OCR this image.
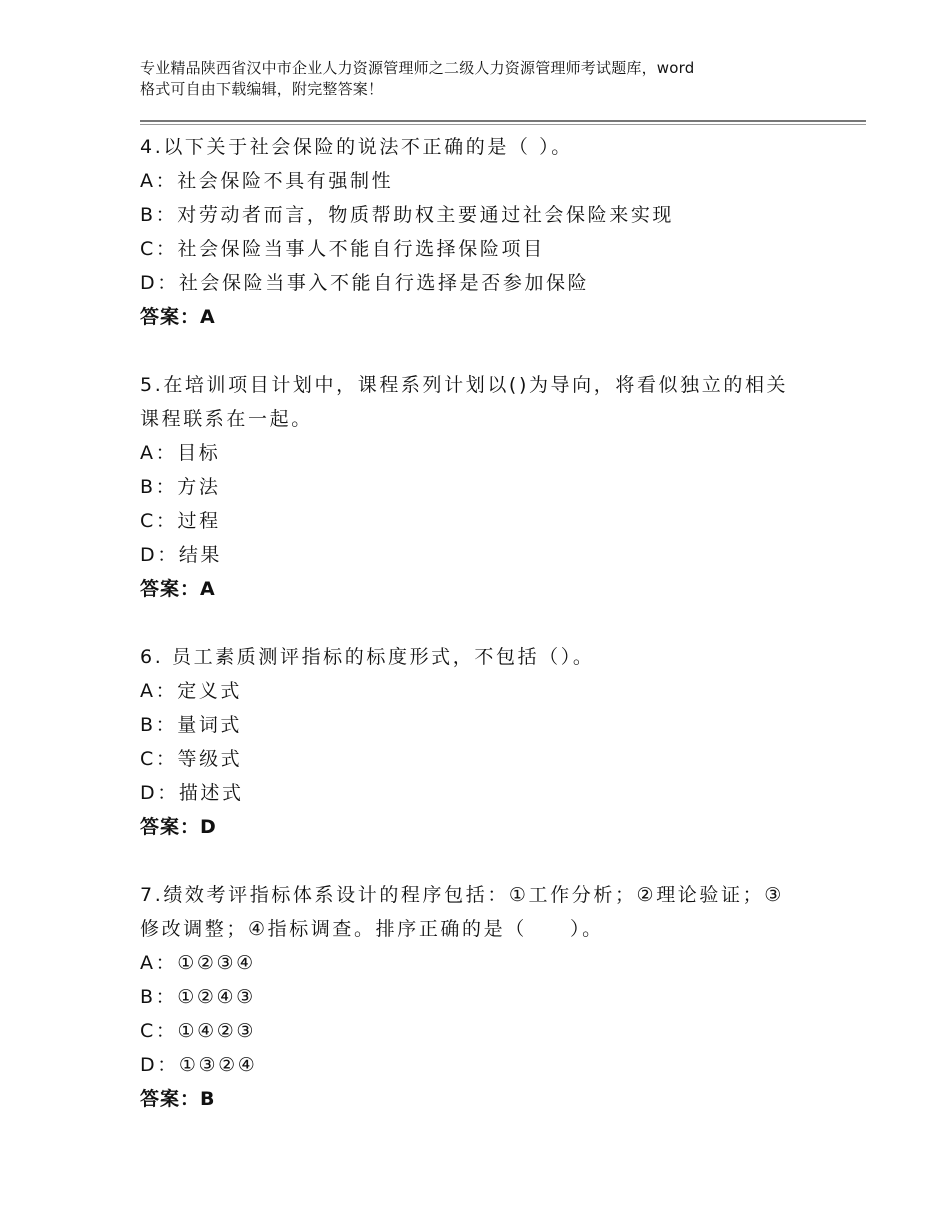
专业精品陕西省汉中市企业人力资源管理师之二级人力资源管理师考试题库，word
格式可自由下载编辑，附完整答案！
4.以下关于社会保险的说法不正确的是（ ）。
A：社会保险不具有强制性
B：对劳动者而言，物质帮助权主要通过社会保险来实现
C：社会保险当事人不能自行选择保险项目
D：社会保险当事入不能自行选择是否参加保险
答案：A
5.在培训项目计划中，课程系列计划以()为导向，将看似独立的相关
课程联系在一起。
A：目标
B：方法
C：过程
D：结果
答案：A
6. 员工素质测评指标的标度形式，不包括（）。
A：定义式
B：量词式
C：等级式
D：描述式
答案：D
7.绩效考评指标体系设计的程序包括：①工作分析；②理论验证；③
修改调整；④指标调查。排序正确的是（　　）。
A：①②③④
B：①②④③
C：①④②③
D：①③②④
答案：B
